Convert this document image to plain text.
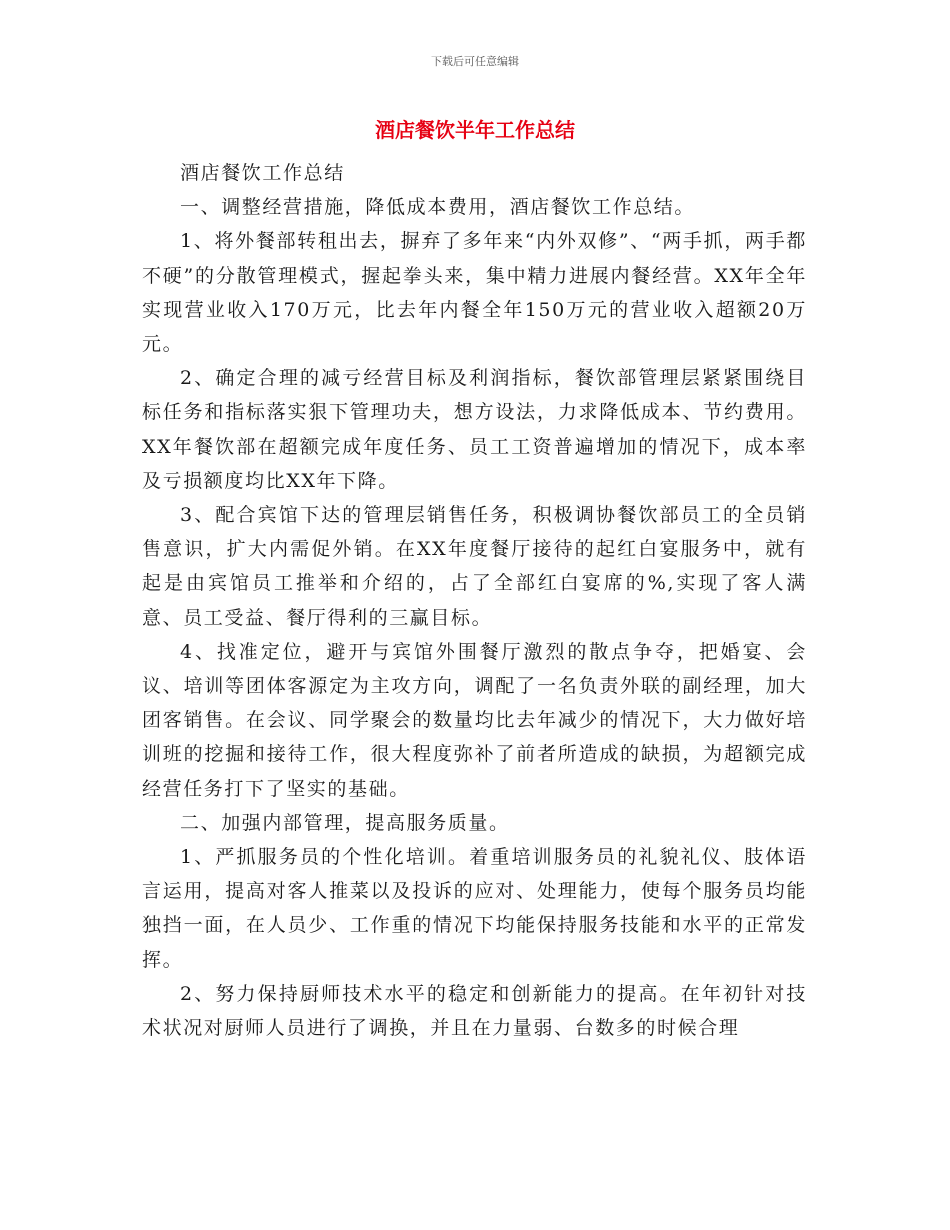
下载后可任意编辑
酒店餐饮半年工作总结

酒店餐饮工作总结

一、调整经营措施，降低成本费用，酒店餐饮工作总结。

1、将外餐部转租出去，摒弃了多年来“内外双修”、“两手抓，两手都不硬”的分散管理模式，握起拳头来，集中精力进展内餐经营。XX年全年实现营业收入170万元，比去年内餐全年150万元的营业收入超额20万元。

2、确定合理的减亏经营目标及利润指标，餐饮部管理层紧紧围绕目标任务和指标落实狠下管理功夫，想方设法，力求降低成本、节约费用。XX年餐饮部在超额完成年度任务、员工工资普遍增加的情况下，成本率及亏损额度均比XX年下降。

3、配合宾馆下达的管理层销售任务，积极调协餐饮部员工的全员销售意识，扩大内需促外销。在XX年度餐厅接待的起红白宴服务中，就有起是由宾馆员工推举和介绍的，占了全部红白宴席的%,实现了客人满意、员工受益、餐厅得利的三赢目标。

4、找准定位，避开与宾馆外围餐厅激烈的散点争夺，把婚宴、会议、培训等团体客源定为主攻方向，调配了一名负责外联的副经理，加大团客销售。在会议、同学聚会的数量均比去年减少的情况下，大力做好培训班的挖掘和接待工作，很大程度弥补了前者所造成的缺损，为超额完成经营任务打下了坚实的基础。

二、加强内部管理，提高服务质量。

1、严抓服务员的个性化培训。着重培训服务员的礼貌礼仪、肢体语言运用，提高对客人推菜以及投诉的应对、处理能力，使每个服务员均能独挡一面，在人员少、工作重的情况下均能保持服务技能和水平的正常发挥。

2、努力保持厨师技术水平的稳定和创新能力的提高。在年初针对技术状况对厨师人员进行了调换，并且在力量弱、台数多的时候合理
